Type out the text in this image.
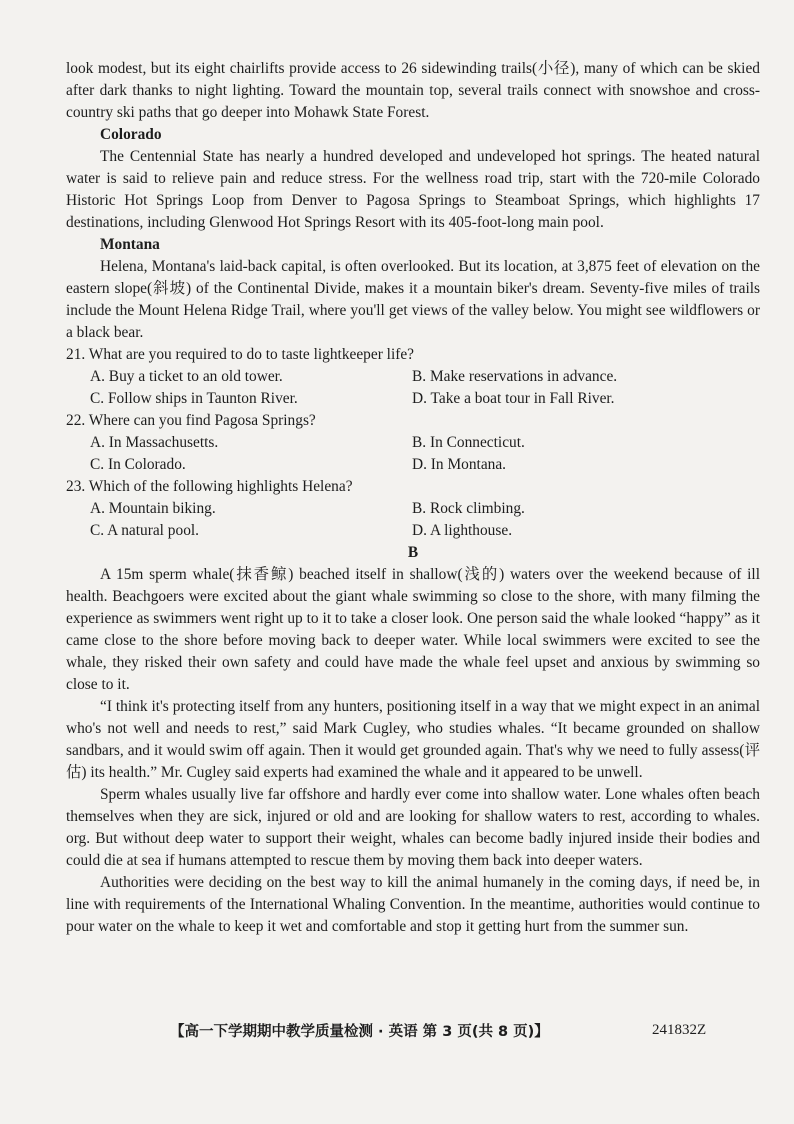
look modest, but its eight chairlifts provide access to 26 sidewinding trails(小径), many of which can be skied after dark thanks to night lighting. Toward the mountain top, several trails connect with snowshoe and cross-country ski paths that go deeper into Mohawk State Forest.

Colorado

The Centennial State has nearly a hundred developed and undeveloped hot springs. The heated natural water is said to relieve pain and reduce stress. For the wellness road trip, start with the 720-mile Colorado Historic Hot Springs Loop from Denver to Pagosa Springs to Steamboat Springs, which highlights 17 destinations, including Glenwood Hot Springs Resort with its 405-foot-long main pool.

Montana

Helena, Montana's laid-back capital, is often overlooked. But its location, at 3,875 feet of elevation on the eastern slope(斜坡) of the Continental Divide, makes it a mountain biker's dream. Seventy-five miles of trails include the Mount Helena Ridge Trail, where you'll get views of the valley below. You might see wildflowers or a black bear.

21. What are you required to do to taste lightkeeper life?

A. Buy a ticket to an old tower.	B. Make reservations in advance.
C. Follow ships in Taunton River.	D. Take a boat tour in Fall River.

22. Where can you find Pagosa Springs?

A. In Massachusetts.	B. In Connecticut.
C. In Colorado.	D. In Montana.

23. Which of the following highlights Helena?

A. Mountain biking.	B. Rock climbing.
C. A natural pool.	D. A lighthouse.

B

A 15m sperm whale(抹香鲸) beached itself in shallow(浅的) waters over the weekend because of ill health. Beachgoers were excited about the giant whale swimming so close to the shore, with many filming the experience as swimmers went right up to it to take a closer look. One person said the whale looked “happy” as it came close to the shore before moving back to deeper water. While local swimmers were excited to see the whale, they risked their own safety and could have made the whale feel upset and anxious by swimming so close to it.

“I think it's protecting itself from any hunters, positioning itself in a way that we might expect in an animal who's not well and needs to rest,” said Mark Cugley, who studies whales. “It became grounded on shallow sandbars, and it would swim off again. Then it would get grounded again. That's why we need to fully assess(评估) its health.” Mr. Cugley said experts had examined the whale and it appeared to be unwell.

Sperm whales usually live far offshore and hardly ever come into shallow water. Lone whales often beach themselves when they are sick, injured or old and are looking for shallow waters to rest, according to whales. org. But without deep water to support their weight, whales can become badly injured inside their bodies and could die at sea if humans attempted to rescue them by moving them back into deeper waters.

Authorities were deciding on the best way to kill the animal humanely in the coming days, if need be, in line with requirements of the International Whaling Convention. In the meantime, authorities would continue to pour water on the whale to keep it wet and comfortable and stop it getting hurt from the summer sun.

【高一下学期期中教学质量检测 · 英语 第 3 页(共 8 页)】	241832Z
